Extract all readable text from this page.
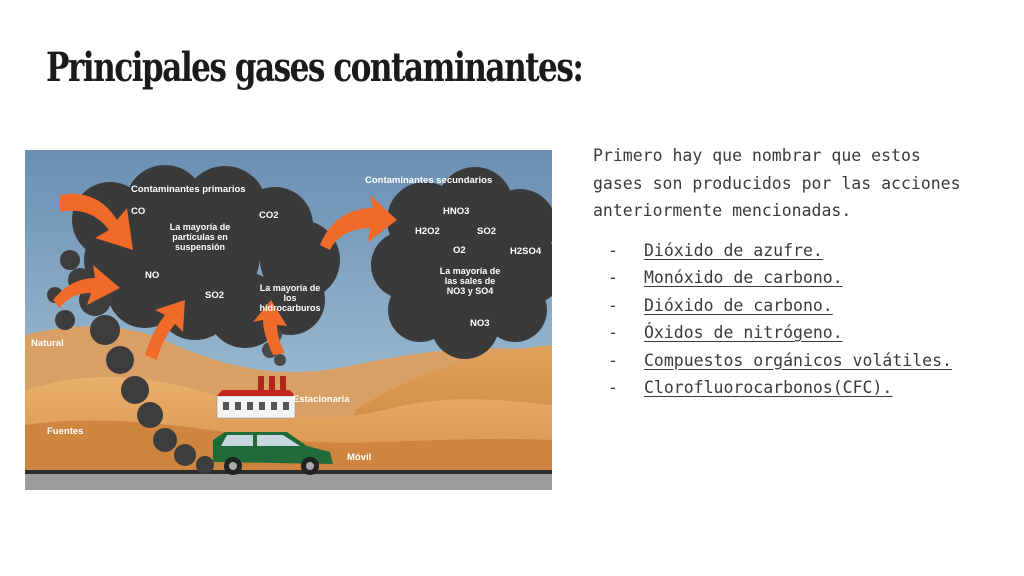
Principales gases contaminantes:
Contaminantes primarios
Contaminantes secundarios
CO	CO2
La mayoría de
partículas en
suspensión
NO
SO2
La mayoría de
los
hidrocarburos
HNO3
H2O2	SO2
O2	H2SO4
La mayoría de
las sales de
NO3 y SO4
NO3
Natural
Fuentes
Estacionaria
Móvil

Primero hay que nombrar que estos gases son producidos por las acciones anteriormente mencionadas.

- Dióxido de azufre.
- Monóxido de carbono.
- Dióxido de carbono.
- Óxidos de nitrógeno.
- Compuestos orgánicos volátiles.
- Clorofluorocarbonos(CFC).
